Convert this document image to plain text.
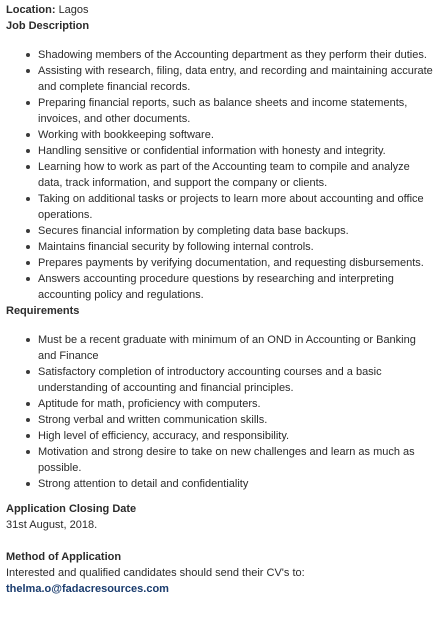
Location: Lagos

Job Description
Shadowing members of the Accounting department as they perform their duties.
Assisting with research, filing, data entry, and recording and maintaining accurate and complete financial records.
Preparing financial reports, such as balance sheets and income statements, invoices, and other documents.
Working with bookkeeping software.
Handling sensitive or confidential information with honesty and integrity.
Learning how to work as part of the Accounting team to compile and analyze data, track information, and support the company or clients.
Taking on additional tasks or projects to learn more about accounting and office operations.
Secures financial information by completing data base backups.
Maintains financial security by following internal controls.
Prepares payments by verifying documentation, and requesting disbursements.
Answers accounting procedure questions by researching and interpreting accounting policy and regulations.
Requirements
Must be a recent graduate with minimum of an OND in Accounting or Banking and Finance
Satisfactory completion of introductory accounting courses and a basic understanding of accounting and financial principles.
Aptitude for math, proficiency with computers.
Strong verbal and written communication skills.
High level of efficiency, accuracy, and responsibility.
Motivation and strong desire to take on new challenges and learn as much as possible.
Strong attention to detail and confidentiality
Application Closing Date

31st August, 2018.

Method of Application

Interested and qualified candidates should send their CV's to:

thelma.o@fadacresources.com
